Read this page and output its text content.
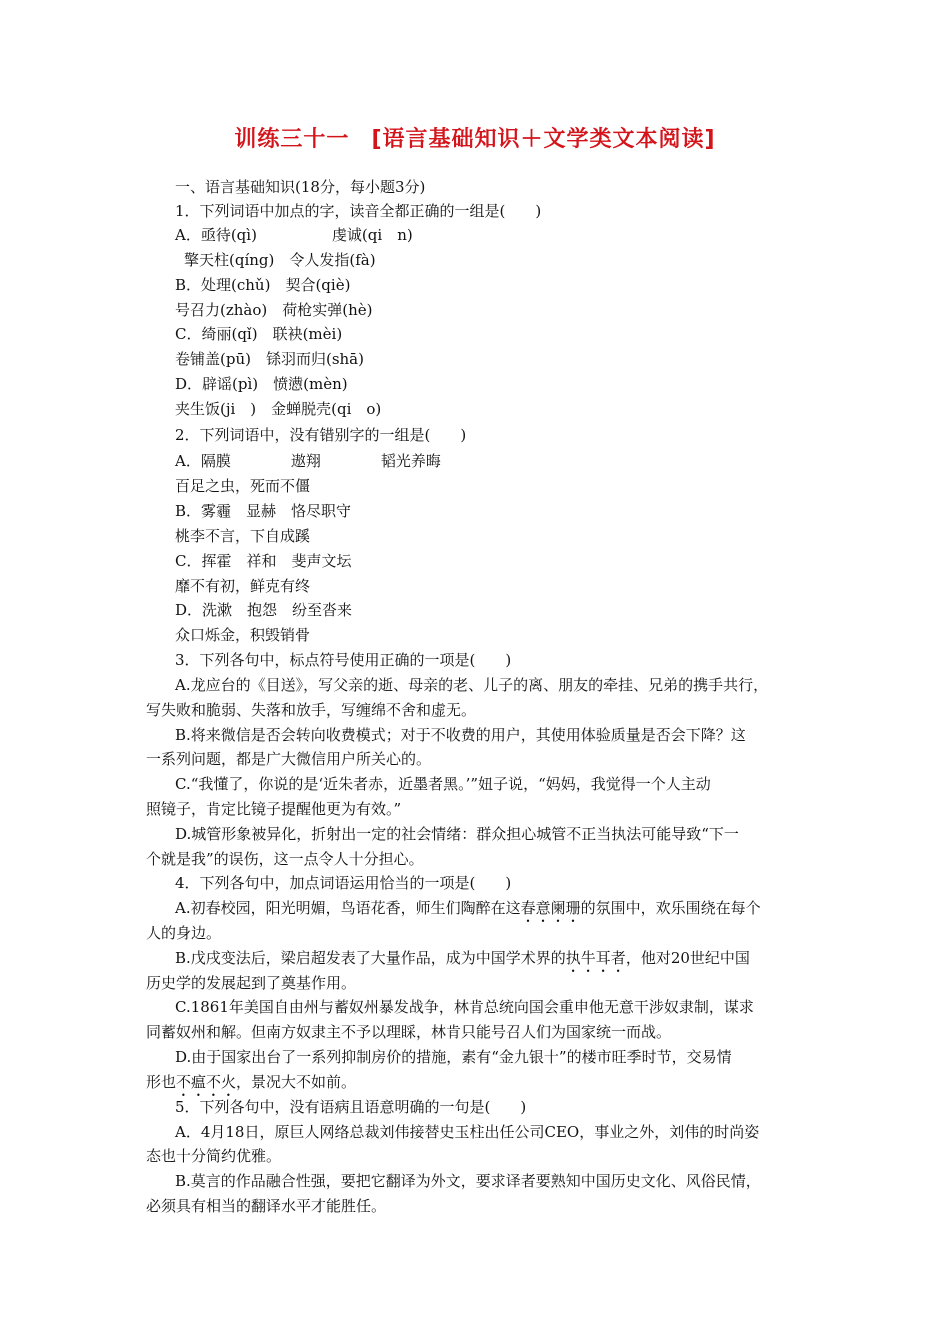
训练三十一 [语言基础知识＋文学类文本阅读]
一、语言基础知识(18分，每小题3分)
1．下列词语中加点的字，读音全都正确的一组是(　　)
A．亟待(qì)　　　　　虔诚(qi　n)
擎天柱(qíng)　令人发指(fà)
B．处理(chǔ)　契合(qiè)
号召力(zhào)　荷枪实弹(hè)
C．绮丽(qǐ)　联袂(mèi)
卷铺盖(pū)　铩羽而归(shā)
D．辟谣(pì)　愤懑(mèn)
夹生饭(ji　)　金蝉脱壳(qi　o)
2．下列词语中，没有错别字的一组是(　　)
A．隔膜　　　　遨翔　　　　韬光养晦
百足之虫，死而不僵
B．雾霾　显赫　恪尽职守
桃李不言，下自成蹊
C．挥霍　祥和　斐声文坛
靡不有初，鲜克有终
D．洗漱　抱怨　纷至沓来
众口烁金，积毁销骨
3．下列各句中，标点符号使用正确的一项是(　　)
A.龙应台的《目送》，写父亲的逝、母亲的老、儿子的离、朋友的牵挂、兄弟的携手共行，
写失败和脆弱、失落和放手，写缠绵不舍和虚无。
B.将来微信是否会转向收费模式；对于不收费的用户，其使用体验质量是否会下降？这
一系列问题，都是广大微信用户所关心的。
C.“我懂了，你说的是‘近朱者赤，近墨者黑。’”妞子说，“妈妈，我觉得一个人主动
照镜子，肯定比镜子提醒他更为有效。”
D.城管形象被异化，折射出一定的社会情绪：群众担心城管不正当执法可能导致“下一
个就是我”的误伤，这一点令人十分担心。
4．下列各句中，加点词语运用恰当的一项是(　　)
A.初春校园，阳光明媚，鸟语花香，师生们陶醉在这春意阑珊的氛围中，欢乐围绕在每个
人的身边。
B.戊戌变法后，梁启超发表了大量作品，成为中国学术界的执牛耳者，他对20世纪中国
历史学的发展起到了奠基作用。
C.1861年美国自由州与蓄奴州暴发战争，林肯总统向国会重申他无意干涉奴隶制，谋求
同蓄奴州和解。但南方奴隶主不予以理睬，林肯只能号召人们为国家统一而战。
D.由于国家出台了一系列抑制房价的措施，素有“金九银十”的楼市旺季时节，交易情
形也不瘟不火，景况大不如前。
5．下列各句中，没有语病且语意明确的一句是(　　)
A．4月18日，原巨人网络总裁刘伟接替史玉柱出任公司CEO，事业之外，刘伟的时尚姿
态也十分简约优雅。
B.莫言的作品融合性强，要把它翻译为外文，要求译者要熟知中国历史文化、风俗民情，
必须具有相当的翻译水平才能胜任。
